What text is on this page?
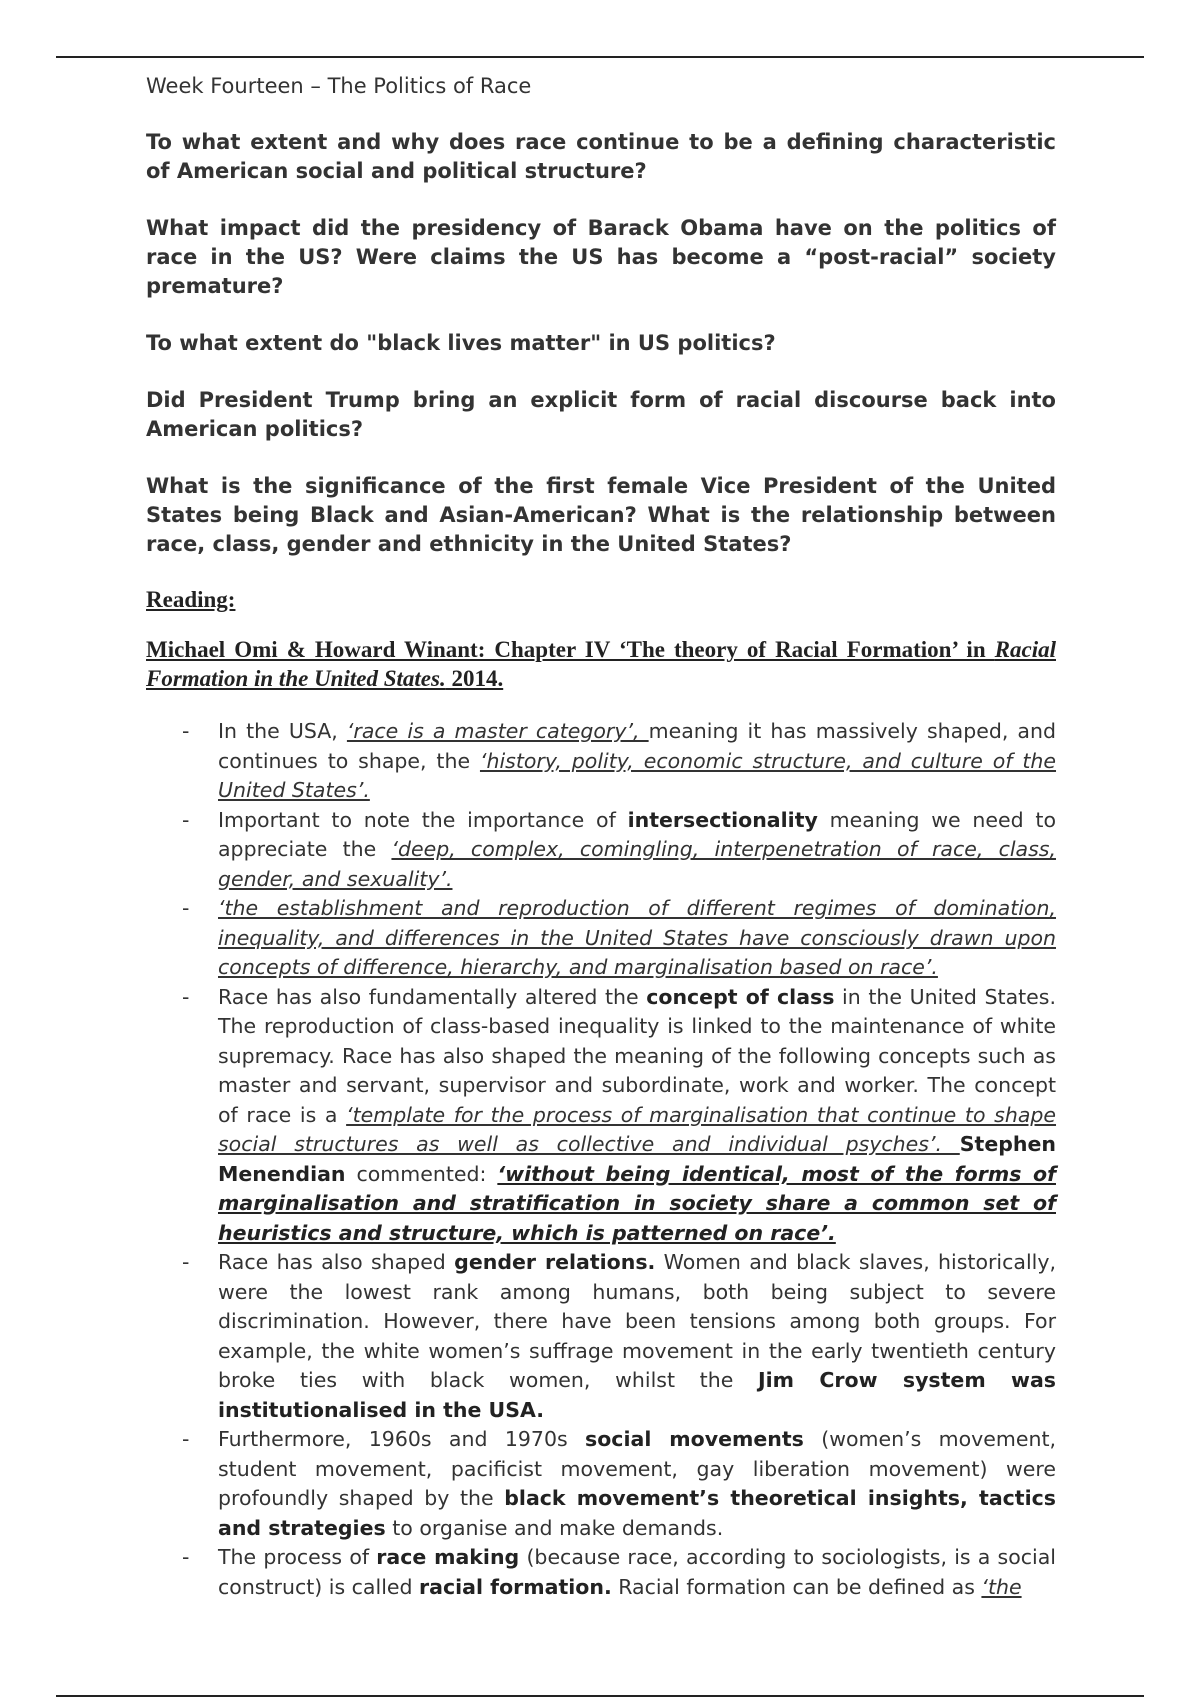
Week Fourteen – The Politics of Race

To what extent and why does race continue to be a defining characteristic of American social and political structure?

What impact did the presidency of Barack Obama have on the politics of race in the US? Were claims the US has become a “post-racial” society premature?

To what extent do "black lives matter" in US politics?

Did President Trump bring an explicit form of racial discourse back into American politics?

What is the significance of the first female Vice President of the United States being Black and Asian-American? What is the relationship between race, class, gender and ethnicity in the United States?

Reading:

Michael Omi & Howard Winant: Chapter IV ‘The theory of Racial Formation’ in Racial Formation in the United States. 2014.

- In the USA, ‘race is a master category’, meaning it has massively shaped, and continues to shape, the ‘history, polity, economic structure, and culture of the United States’.
- Important to note the importance of intersectionality meaning we need to appreciate the ‘deep, complex, comingling, interpenetration of race, class, gender, and sexuality’.
- ‘the establishment and reproduction of different regimes of domination, inequality, and differences in the United States have consciously drawn upon concepts of difference, hierarchy, and marginalisation based on race’.
- Race has also fundamentally altered the concept of class in the United States. The reproduction of class-based inequality is linked to the maintenance of white supremacy. Race has also shaped the meaning of the following concepts such as master and servant, supervisor and subordinate, work and worker. The concept of race is a ‘template for the process of marginalisation that continue to shape social structures as well as collective and individual psyches’. Stephen Menendian commented: ‘without being identical, most of the forms of marginalisation and stratification in society share a common set of heuristics and structure, which is patterned on race’.
- Race has also shaped gender relations. Women and black slaves, historically, were the lowest rank among humans, both being subject to severe discrimination. However, there have been tensions among both groups. For example, the white women’s suffrage movement in the early twentieth century broke ties with black women, whilst the Jim Crow system was institutionalised in the USA.
- Furthermore, 1960s and 1970s social movements (women’s movement, student movement, pacificist movement, gay liberation movement) were profoundly shaped by the black movement’s theoretical insights, tactics and strategies to organise and make demands.
- The process of race making (because race, according to sociologists, is a social construct) is called racial formation. Racial formation can be defined as ‘the
